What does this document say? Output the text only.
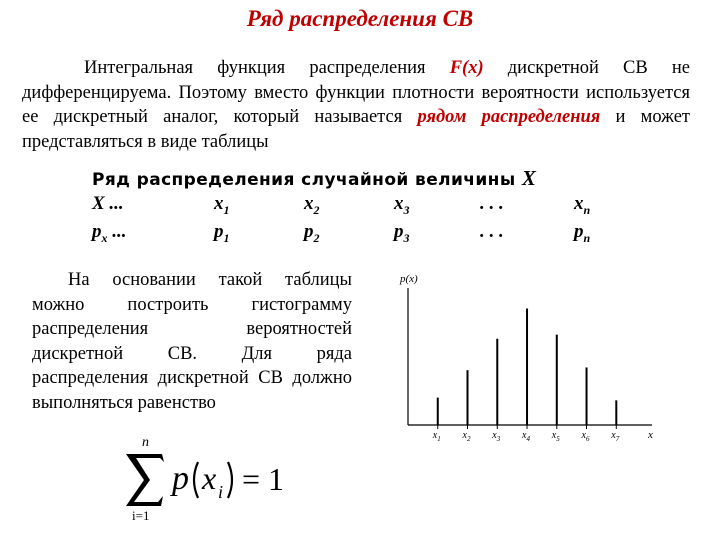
Ряд распределения СВ
Интегральная функция распределения F(x) дискретной СВ не дифференцируема. Поэтому вместо функции плотности вероятности используется ее дискретный аналог, который называется рядом распределения и может представляться в виде таблицы
Ряд распределения случайной величины X
X ...	$x_1$	$x_2$	$x_3$	. . .	$x_n$
$p_x$ ...	$p_1$	$p_2$	$p_3$	. . .	$p_n$
На основании такой таблицы можно построить гистограмму распределения вероятностей дискретной СВ. Для ряда распределения дискретной СВ должно выполняться равенство
n
i=1
p x i = 1
p(x)
x
$x_1$ $x_2$ $x_3$ $x_4$ $x_5$ $x_6$ $x_7$
